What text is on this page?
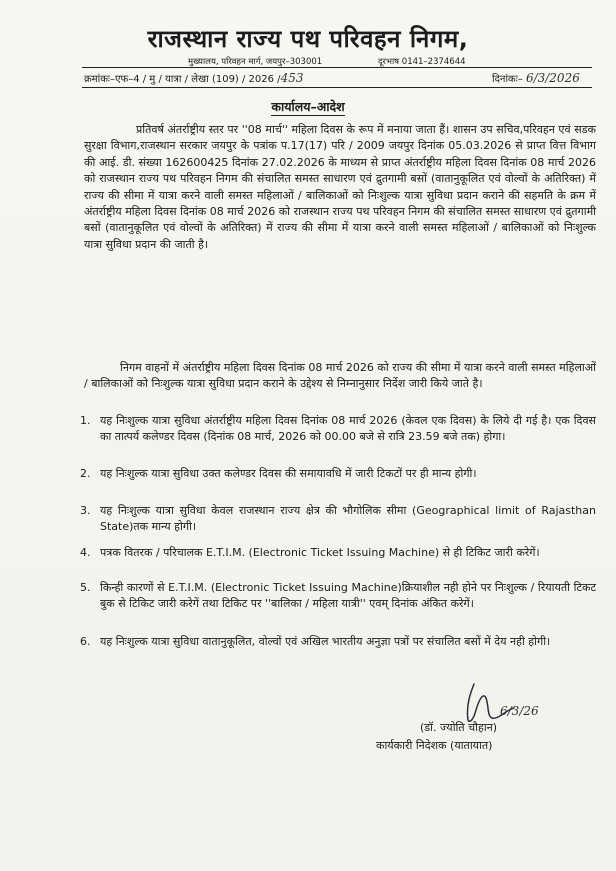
राजस्थान राज्य पथ परिवहन निगम,
मुख्यालय, परिवहन मार्ग, जयपुर–303001	दूरभाष 0141–2374644
क्रमांकः–एफ–4 / मु / यात्रा / लेखा (109) / 2026 /453	दिनांकः– 6/3/2026
कार्यालय–आदेश
प्रतिवर्ष अंतर्राष्ट्रीय स्तर पर ''08 मार्च'' महिला दिवस के रूप में मनाया जाता हैं। शासन उप सचिव,परिवहन एवं सडक सुरक्षा विभाग,राजस्थान सरकार जयपुर के पत्रांक प.17(17) परि / 2009 जयपुर दिनांक 05.03.2026 से प्राप्त वित्त विभाग की आई. डी. संख्या 162600425 दिनांक 27.02.2026 के माध्यम से प्राप्त अंतर्राष्ट्रीय महिला दिवस दिनांक 08 मार्च 2026 को राजस्थान राज्य पथ परिवहन निगम की संचालित समस्त साधारण एवं द्रुतगामी बसों (वातानुकूलित एवं वोल्वों के अतिरिक्त) में राज्य की सीमा में यात्रा करने वाली समस्त महिलाओं / बालिकाओं को निःशुल्क यात्रा सुविधा प्रदान कराने की सहमति के क्रम में अंतर्राष्ट्रीय महिला दिवस दिनांक 08 मार्च 2026 को राजस्थान राज्य पथ परिवहन निगम की संचालित समस्त साधारण एवं द्रुतगामी बसों (वातानुकूलित एवं वोल्वों के अतिरिक्त) में राज्य की सीमा में यात्रा करने वाली समस्त महिलाओं / बालिकाओं को निःशुल्क यात्रा सुविधा प्रदान की जाती है।
निगम वाहनों में अंतर्राष्ट्रीय महिला दिवस दिनांक 08 मार्च 2026 को राज्य की सीमा में यात्रा करने वाली समस्त महिलाओं / बालिकाओं को निःशुल्क यात्रा सुविधा प्रदान कराने के उद्देश्य से निम्नानुसार निर्देश जारी किये जाते है।
1. यह निःशुल्क यात्रा सुविधा अंतर्राष्ट्रीय महिला दिवस दिनांक 08 मार्च 2026 (केवल एक दिवस) के लिये दी गई है। एक दिवस का तात्पर्य कलेण्डर दिवस (दिनांक 08 मार्च, 2026 को 00.00 बजे से रात्रि 23.59 बजे तक) होगा।
2. यह निःशुल्क यात्रा सुविधा उक्त कलेण्डर दिवस की समायावधि में जारी टिकटों पर ही मान्य होगी।
3. यह निःशुल्क यात्रा सुविधा केवल राजस्थान राज्य क्षेत्र की भौगोलिक सीमा (Geographical limit of Rajasthan State)तक मान्य होगी।
4. पत्रक वितरक / परिचालक E.T.I.M. (Electronic Ticket Issuing Machine) से ही टिकिट जारी करेगें।
5. किन्ही कारणों से E.T.I.M. (Electronic Ticket Issuing Machine)क्रियाशील नही होने पर निःशुल्क / रियायती टिकट बुक से टिकिट जारी करेगें तथा टिकिट पर ''बालिका / महिला यात्री'' एवम् दिनांक अंकित करेगें।
6. यह निःशुल्क यात्रा सुविधा वातानुकूलित, वोल्वों एवं अखिल भारतीय अनुज्ञा पत्रों पर संचालित बसों में देय नही होगी।
6/3/26
(डॉ. ज्योति चौहान)
कार्यकारी निदेशक (यातायात)
